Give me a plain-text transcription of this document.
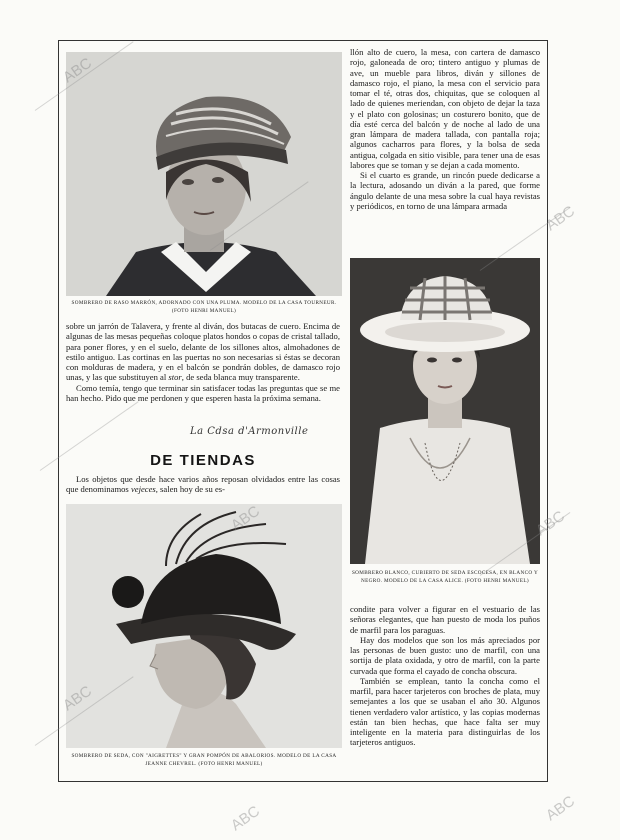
SOMBRERO DE RASO MARRÓN, ADORNADO CON UNA PLUMA. MODELO DE LA CASA TOURNEUR. (FOTO HENRI MANUEL)

sobre un jarrón de Talavera, y frente al diván, dos butacas de cuero. Encima de algunas de las mesas pequeñas coloque platos hondos o copas de cristal tallado, para poner flores, y en el suelo, delante de los sillones altos, almohadones de estilo antiguo. Las cortinas en las puertas no son necesarias si éstas se decoran con molduras de madera, y en el balcón se pondrán dobles, de damasco rojo unas, y las que substituyen al stor, de seda blanca muy transparente.

Como temía, tengo que terminar sin satisfacer todas las preguntas que se me han hecho. Pido que me perdonen y que esperen hasta la próxima semana.

La Cdsa d'Armonville
DE TIENDAS

Los objetos que desde hace varios años reposan olvidados entre las cosas que denominamos vejeces, salen hoy de su es-

SOMBRERO DE SEDA, CON "AIGRETTES" Y GRAN POMPÓN DE ABALORIOS. MODELO DE LA CASA JEANNE CHEVREL. (FOTO HENRI MANUEL)

llón alto de cuero, la mesa, con cartera de damasco rojo, galoneada de oro; tintero antiguo y plumas de ave, un mueble para libros, diván y sillones de damasco rojo, el piano, la mesa con el servicio para tomar el té, otras dos, chiquitas, que se coloquen al lado de quienes meriendan, con objeto de dejar la taza y el plato con golosinas; un costurero bonito, que de día esté cerca del balcón y de noche al lado de una gran lámpara de madera tallada, con pantalla roja; algunos cacharros para flores, y la bolsa de seda antigua, colgada en sitio visible, para tener una de esas labores que se toman y se dejan a cada momento.

Si el cuarto es grande, un rincón puede dedicarse a la lectura, adosando un diván a la pared, que forme ángulo delante de una mesa sobre la cual haya revistas y periódicos, en torno de una lámpara armada

SOMBRERO BLANCO, CUBIERTO DE SEDA ESCOCESA, EN BLANCO Y NEGRO. MODELO DE LA CASA ALICE. (FOTO HENRI MANUEL)

condite para volver a figurar en el vestuario de las señoras elegantes, que han puesto de moda los puños de marfil para los paraguas.

Hay dos modelos que son los más apreciados por las personas de buen gusto: uno de marfil, con una sortija de plata oxidada, y otro de marfil, con la parte curvada que forma el cayado de concha obscura.

También se emplean, tanto la concha como el marfil, para hacer tarjeteros con broches de plata, muy semejantes a los que se usaban el año 30. Algunos tienen verdadero valor artístico, y las copias modernas están tan bien hechas, que hace falta ser muy inteligente en la materia para distinguirlas de los tarjeteros antiguos.

ABC
ABC
ABC	ABC
ABC
ABC
ABC
